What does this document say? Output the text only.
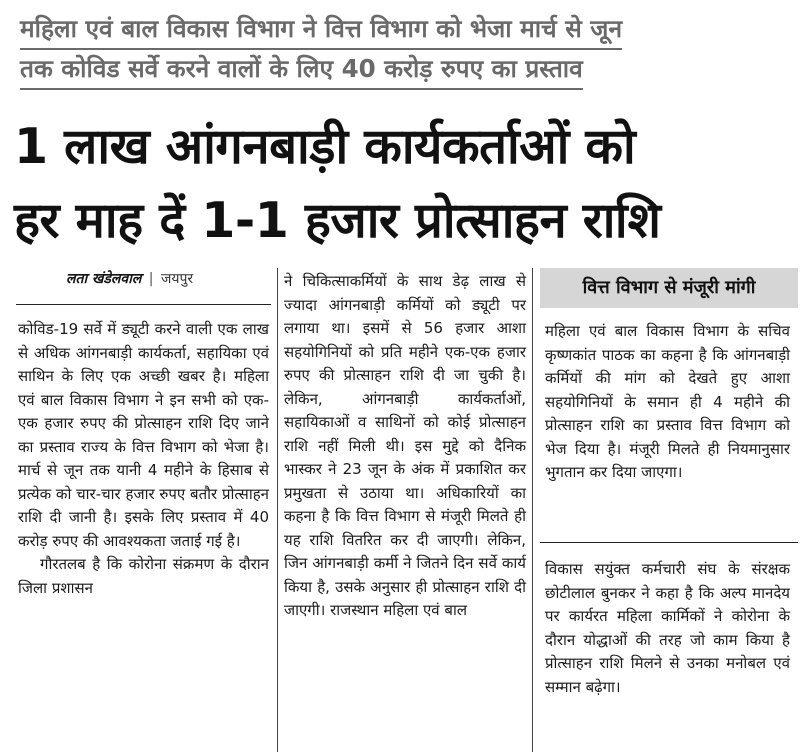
महिला एवं बाल विकास विभाग ने वित्त विभाग को भेजा मार्च से जून
तक कोविड सर्वे करने वालों के लिए 40 करोड़ रुपए का प्रस्ताव
1 लाख आंगनबाड़ी कार्यकर्ताओं को
हर माह दें 1-1 हजार प्रोत्साहन राशि
लता खंडेलवाल | जयपुर

कोविड-19 सर्वे में ड्यूटी करने वाली एक लाख से अधिक आंगनबाड़ी कार्यकर्ता, सहायिका एवं साथिन के लिए एक अच्छी खबर है। महिला एवं बाल विकास विभाग ने इन सभी को एक-एक हजार रुपए की प्रोत्साहन राशि दिए जाने का प्रस्ताव राज्य के वित्त विभाग को भेजा है। मार्च से जून तक यानी 4 महीने के हिसाब से प्रत्येक को चार-चार हजार रुपए बतौर प्रोत्साहन राशि दी जानी है। इसके लिए प्रस्ताव में 40 करोड़ रुपए की आवश्यकता जताई गई है।

गौरतलब है कि कोरोना संक्रमण के दौरान जिला प्रशासन

ने चिकित्साकर्मियों के साथ डेढ़ लाख से ज्यादा आंगनबाड़ी कर्मियों को ड्यूटी पर लगाया था। इसमें से 56 हजार आशा सहयोगिनियों को प्रति महीने एक-एक हजार रुपए की प्रोत्साहन राशि दी जा चुकी है। लेकिन, आंगनबाड़ी कार्यकर्ताओं, सहायिकाओं व साथिनों को कोई प्रोत्साहन राशि नहीं मिली थी। इस मुद्दे को दैनिक भास्कर ने 23 जून के अंक में प्रकाशित कर प्रमुखता से उठाया था। अधिकारियों का कहना है कि वित्त विभाग से मंजूरी मिलते ही यह राशि वितरित कर दी जाएगी। लेकिन, जिन आंगनबाड़ी कर्मी ने जितने दिन सर्वे कार्य किया है, उसके अनुसार ही प्रोत्साहन राशि दी जाएगी। राजस्थान महिला एवं बाल

वित्त विभाग से मंजूरी मांगी

महिला एवं बाल विकास विभाग के सचिव कृष्णकांत पाठक का कहना है कि आंगनबाड़ी कर्मियों की मांग को देखते हुए आशा सहयोगिनियों के समान ही 4 महीने की प्रोत्साहन राशि का प्रस्ताव वित्त विभाग को भेज दिया है। मंजूरी मिलते ही नियमानुसार भुगतान कर दिया जाएगा।

विकास सयुंक्त कर्मचारी संघ के संरक्षक छोटीलाल बुनकर ने कहा है कि अल्प मानदेय पर कार्यरत महिला कार्मिकों ने कोरोना के दौरान योद्धाओं की तरह जो काम किया है प्रोत्साहन राशि मिलने से उनका मनोबल एवं सम्मान बढ़ेगा।
